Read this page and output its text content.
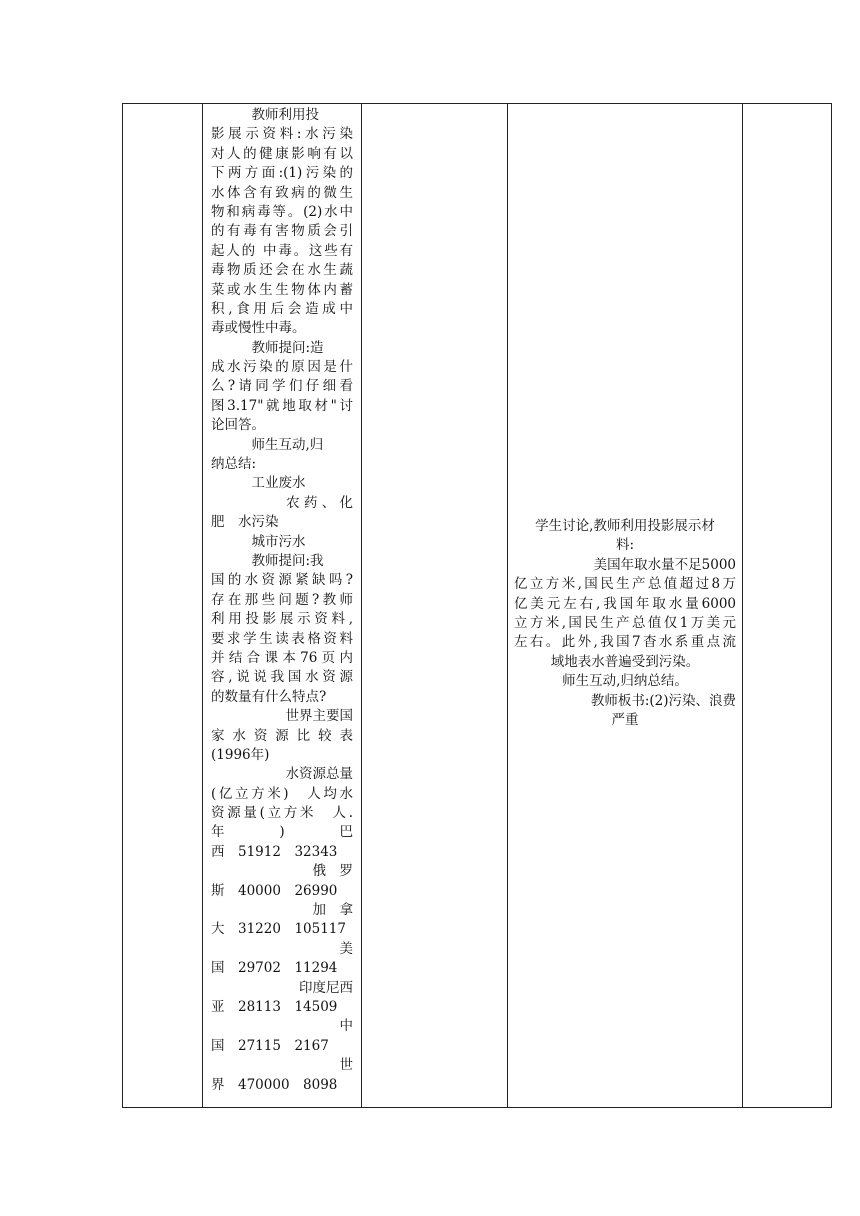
　　　教师利用投
影展示资料:水污染
对人的健康影响有以
下两方面:(1)污染的
水体含有致病的微生
物和病毒等。(2)水中
的有毒有害物质会引
起人的 中毒。这些有
毒物质还会在水生蔬
菜或水生生物体内蓄
积,食用后会造成中
毒或慢性中毒。
　　　教师提问:造
成水污染的原因是什
么?请同学们仔细看
图3.17"就地取材"讨
论回答。
　　　师生互动,归
纳总结:
　　　工业废水
农 药 、 化
肥　水污染
　　　城市污水
　　　教师提问:我
国的水资源紧缺吗?
存在那些问题?教师
利用投影展示资料,
要求学生读表格资料
并结合课本76页内
容,说说我国水资源
的数量有什么特点?
世界主要国
家 水 资 源 比 较 表
(1996年)
水资源总量
(亿立方米)　人均水
资源量(立方米　人.
年　　　)　　　巴
西　51912　32343
俄　罗
斯　40000　26990
加　拿
大　31220　105117
美
国　29702　11294
印度尼西
亚　28113　14509
中
国　27115　2167
世
界　470000　8098
学生讨论,教师利用投影展示材
料:
　　　美国年取水量不足5000
亿立方米,国民生产总值超过8万
亿美元左右,我国年取水量6000
立方米,国民生产总值仅1万美元
左右。此外,我国7杳水系重点流
域地表水普遍受到污染。
师生互动,归纳总结。
　　　教师板书:(2)污染、浪费
严重
